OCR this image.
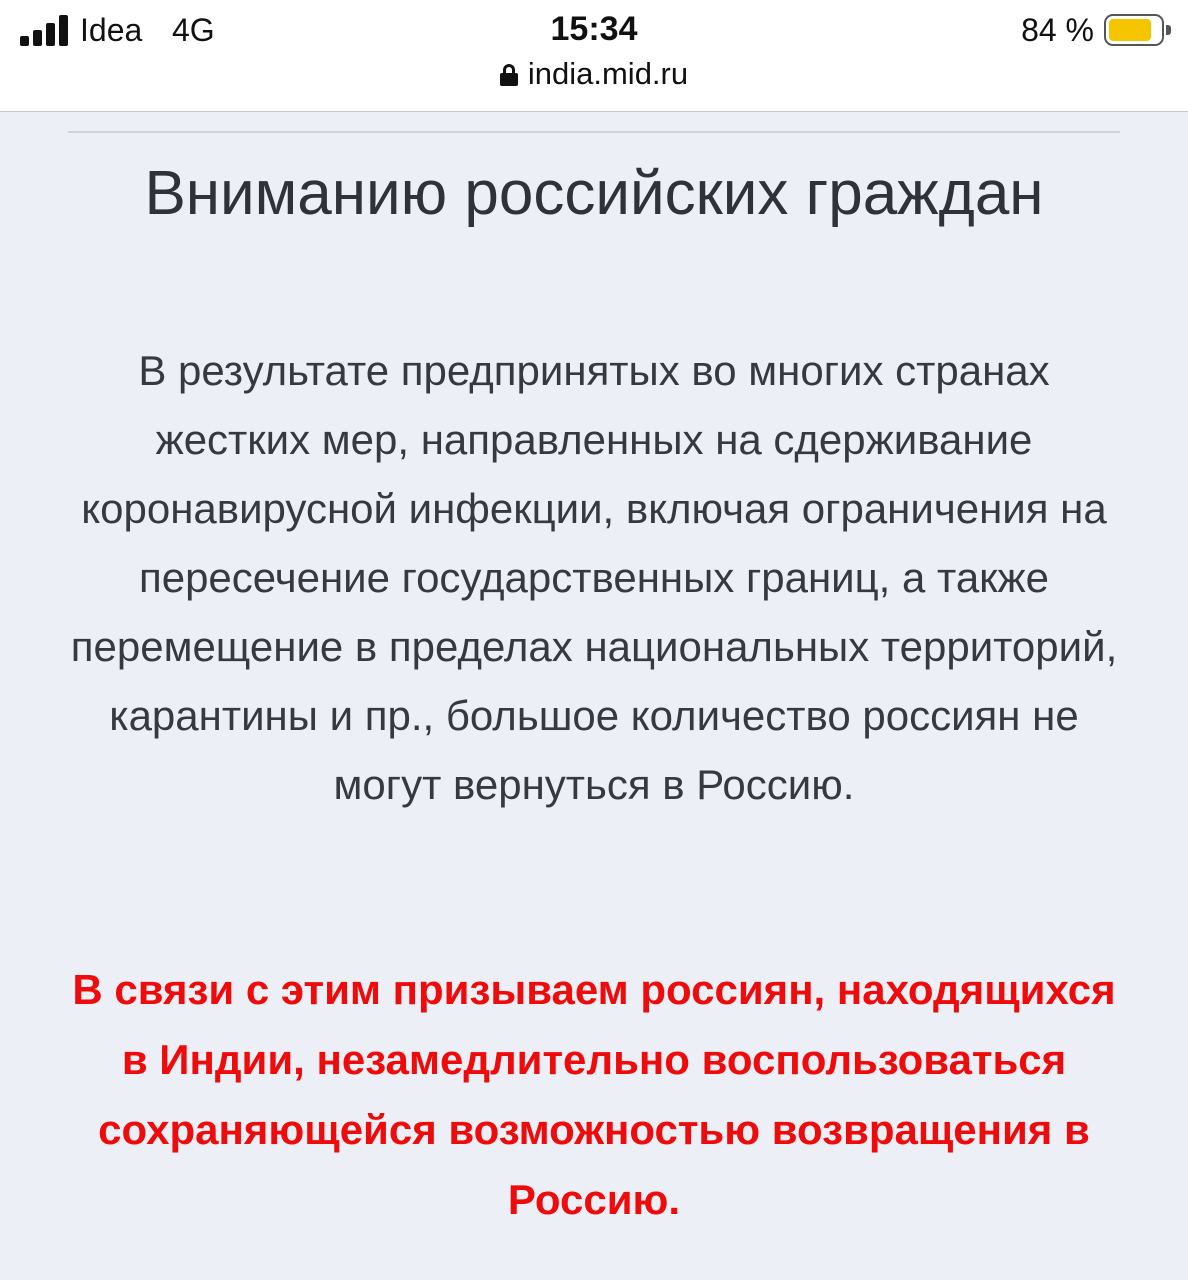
Idea 4G	15:34	84 %
india.mid.ru
Вниманию российских граждан

В результате предпринятых во многих странах жестких мер, направленных на сдерживание коронавирусной инфекции, включая ограничения на пересечение государственных границ, а также перемещение в пределах национальных территорий, карантины и пр., большое количество россиян не могут вернуться в Россию.

В связи с этим призываем россиян, находящихся в Индии, незамедлительно воспользоваться сохраняющейся возможностью возвращения в Россию.
